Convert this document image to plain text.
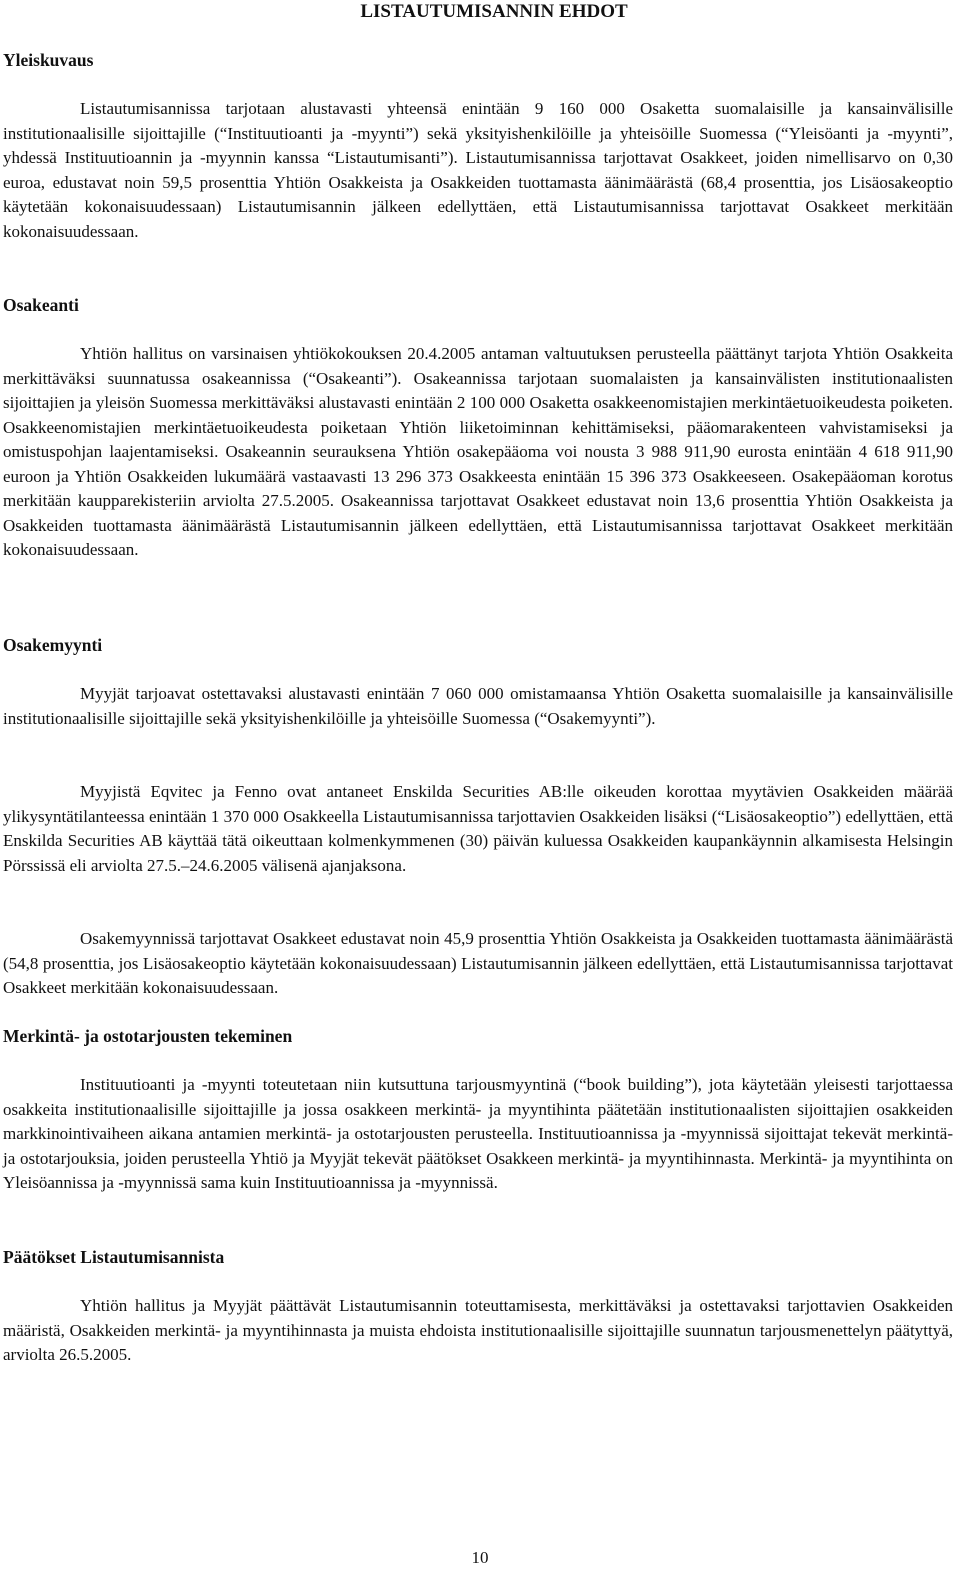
LISTAUTUMISANNIN EHDOT
Yleiskuvaus

Listautumisannissa tarjotaan alustavasti yhteensä enintään 9 160 000 Osaketta suomalaisille ja kansainvälisille institutionaalisille sijoittajille (“Instituutioanti ja -myynti”) sekä yksityishenkilöille ja yhteisöille Suomessa (“Yleisöanti ja -myynti”, yhdessä Instituutioannin ja -myynnin kanssa “Listautumisanti”). Listautumisannissa tarjottavat Osakkeet, joiden nimellisarvo on 0,30 euroa, edustavat noin 59,5 prosenttia Yhtiön Osakkeista ja Osakkeiden tuottamasta äänimäärästä (68,4 prosenttia, jos Lisäosakeoptio käytetään kokonaisuudessaan) Listautumisannin jälkeen edellyttäen, että Listautumisannissa tarjottavat Osakkeet merkitään kokonaisuudessaan.

Osakeanti

Yhtiön hallitus on varsinaisen yhtiökokouksen 20.4.2005 antaman valtuutuksen perusteella päättänyt tarjota Yhtiön Osakkeita merkittäväksi suunnatussa osakeannissa (“Osakeanti”). Osakeannissa tarjotaan suomalaisten ja kansainvälisten institutionaalisten sijoittajien ja yleisön Suomessa merkittäväksi alustavasti enintään 2 100 000 Osaketta osakkeenomistajien merkintäetuoikeudesta poiketen. Osakkeenomistajien merkintäetuoikeudesta poiketaan Yhtiön liiketoiminnan kehittämiseksi, pääomarakenteen vahvistamiseksi ja omistuspohjan laajentamiseksi. Osakeannin seurauksena Yhtiön osakepääoma voi nousta 3 988 911,90 eurosta enintään 4 618 911,90 euroon ja Yhtiön Osakkeiden lukumäärä vastaavasti 13 296 373 Osakkeesta enintään 15 396 373 Osakkeeseen. Osakepääoman korotus merkitään kaupparekisteriin arviolta 27.5.2005. Osakeannissa tarjottavat Osakkeet edustavat noin 13,6 prosenttia Yhtiön Osakkeista ja Osakkeiden tuottamasta äänimäärästä Listautumisannin jälkeen edellyttäen, että Listautumisannissa tarjottavat Osakkeet merkitään kokonaisuudessaan.

Osakemyynti

Myyjät tarjoavat ostettavaksi alustavasti enintään 7 060 000 omistamaansa Yhtiön Osaketta suomalaisille ja kansainvälisille institutionaalisille sijoittajille sekä yksityishenkilöille ja yhteisöille Suomessa (“Osakemyynti”).

Myyjistä Eqvitec ja Fenno ovat antaneet Enskilda Securities AB:lle oikeuden korottaa myytävien Osakkeiden määrää ylikysyntätilanteessa enintään 1 370 000 Osakkeella Listautumisannissa tarjottavien Osakkeiden lisäksi (“Lisäosakeoptio”) edellyttäen, että Enskilda Securities AB käyttää tätä oikeuttaan kolmenkymmenen (30) päivän kuluessa Osakkeiden kaupankäynnin alkamisesta Helsingin Pörssissä eli arviolta 27.5.–24.6.2005 välisenä ajanjaksona.

Osakemyynnissä tarjottavat Osakkeet edustavat noin 45,9 prosenttia Yhtiön Osakkeista ja Osakkeiden tuottamasta äänimäärästä (54,8 prosenttia, jos Lisäosakeoptio käytetään kokonaisuudessaan) Listautumisannin jälkeen edellyttäen, että Listautumisannissa tarjottavat Osakkeet merkitään kokonaisuudessaan.

Merkintä- ja ostotarjousten tekeminen

Instituutioanti ja -myynti toteutetaan niin kutsuttuna tarjousmyyntinä (“book building”), jota käytetään yleisesti tarjottaessa osakkeita institutionaalisille sijoittajille ja jossa osakkeen merkintä- ja myyntihinta päätetään institutionaalisten sijoittajien osakkeiden markkinointivaiheen aikana antamien merkintä- ja ostotarjousten perusteella. Instituutioannissa ja -myynnissä sijoittajat tekevät merkintä- ja ostotarjouksia, joiden perusteella Yhtiö ja Myyjät tekevät päätökset Osakkeen merkintä- ja myyntihinnasta. Merkintä- ja myyntihinta on Yleisöannissa ja -myynnissä sama kuin Instituutioannissa ja -myynnissä.

Päätökset Listautumisannista

Yhtiön hallitus ja Myyjät päättävät Listautumisannin toteuttamisesta, merkittäväksi ja ostettavaksi tarjottavien Osakkeiden määristä, Osakkeiden merkintä- ja myyntihinnasta ja muista ehdoista institutionaalisille sijoittajille suunnatun tarjousmenettelyn päätyttyä, arviolta 26.5.2005.

10
